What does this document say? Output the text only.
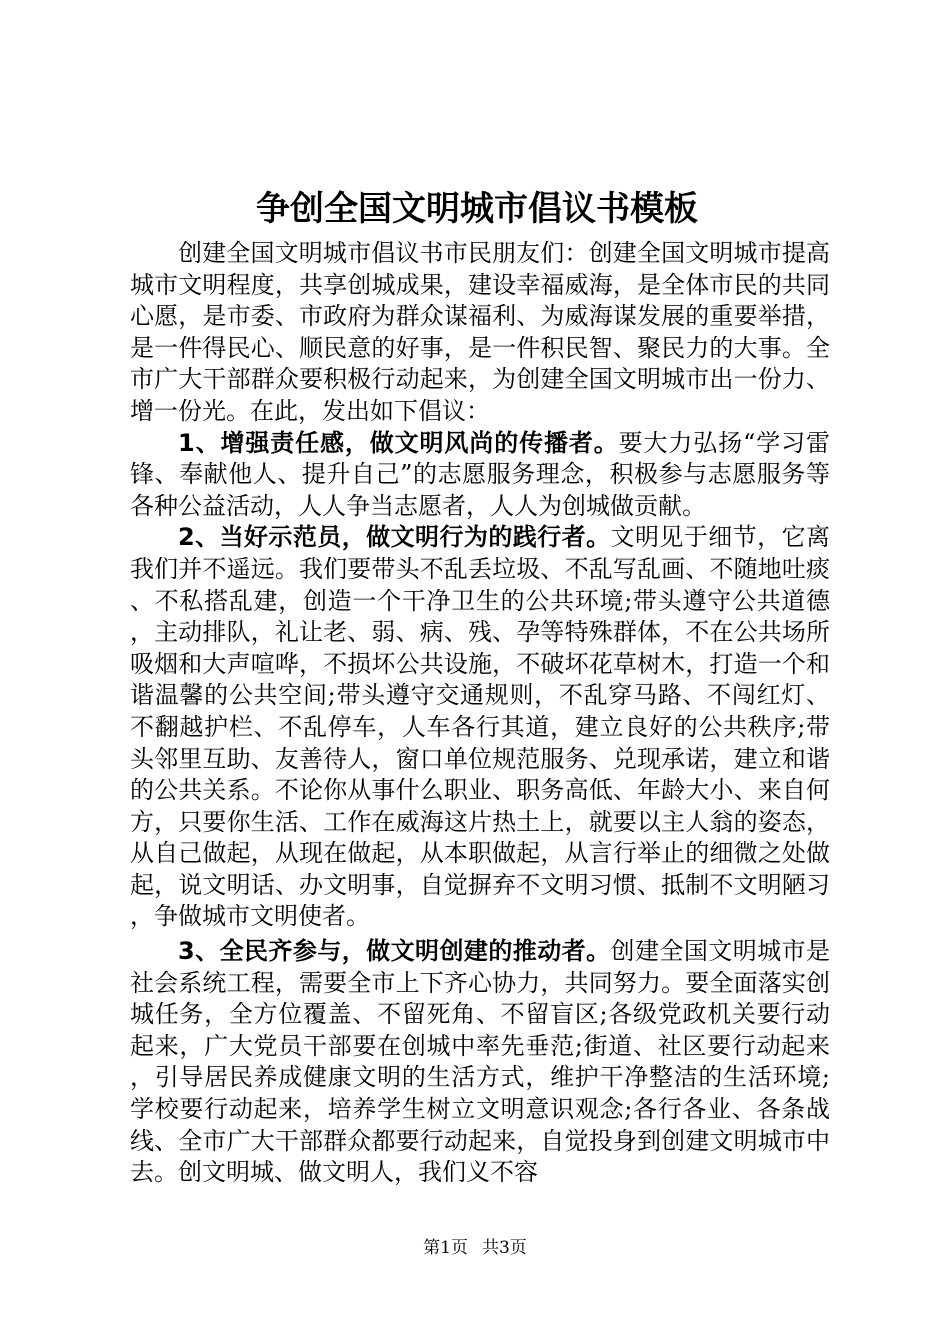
争创全国文明城市倡议书模板

创建全国文明城市倡议书市民朋友们：创建全国文明城市提高城市文明程度，共享创城成果，建设幸福威海，是全体市民的共同心愿，是市委、市政府为群众谋福利、为威海谋发展的重要举措，是一件得民心、顺民意的好事，是一件积民智、聚民力的大事。全市广大干部群众要积极行动起来，为创建全国文明城市出一份力、增一份光。在此，发出如下倡议：

1、增强责任感，做文明风尚的传播者。要大力弘扬“学习雷锋、奉献他人、提升自己”的志愿服务理念，积极参与志愿服务等各种公益活动，人人争当志愿者，人人为创城做贡献。

2、当好示范员，做文明行为的践行者。文明见于细节，它离我们并不遥远。我们要带头不乱丢垃圾、不乱写乱画、不随地吐痰、不私搭乱建，创造一个干净卫生的公共环境;带头遵守公共道德，主动排队，礼让老、弱、病、残、孕等特殊群体，不在公共场所吸烟和大声喧哗，不损坏公共设施，不破坏花草树木，打造一个和谐温馨的公共空间;带头遵守交通规则，不乱穿马路、不闯红灯、不翻越护栏、不乱停车，人车各行其道，建立良好的公共秩序;带头邻里互助、友善待人，窗口单位规范服务、兑现承诺，建立和谐的公共关系。不论你从事什么职业、职务高低、年龄大小、来自何方，只要你生活、工作在威海这片热土上，就要以主人翁的姿态，从自己做起，从现在做起，从本职做起，从言行举止的细微之处做起，说文明话、办文明事，自觉摒弃不文明习惯、抵制不文明陋习，争做城市文明使者。

3、全民齐参与，做文明创建的推动者。创建全国文明城市是社会系统工程，需要全市上下齐心协力，共同努力。要全面落实创城任务，全方位覆盖、不留死角、不留盲区;各级党政机关要行动起来，广大党员干部要在创城中率先垂范;街道、社区要行动起来，引导居民养成健康文明的生活方式，维护干净整洁的生活环境;学校要行动起来，培养学生树立文明意识观念;各行各业、各条战线、全市广大干部群众都要行动起来，自觉投身到创建文明城市中去。创文明城、做文明人，我们义不容

第1页 共3页
